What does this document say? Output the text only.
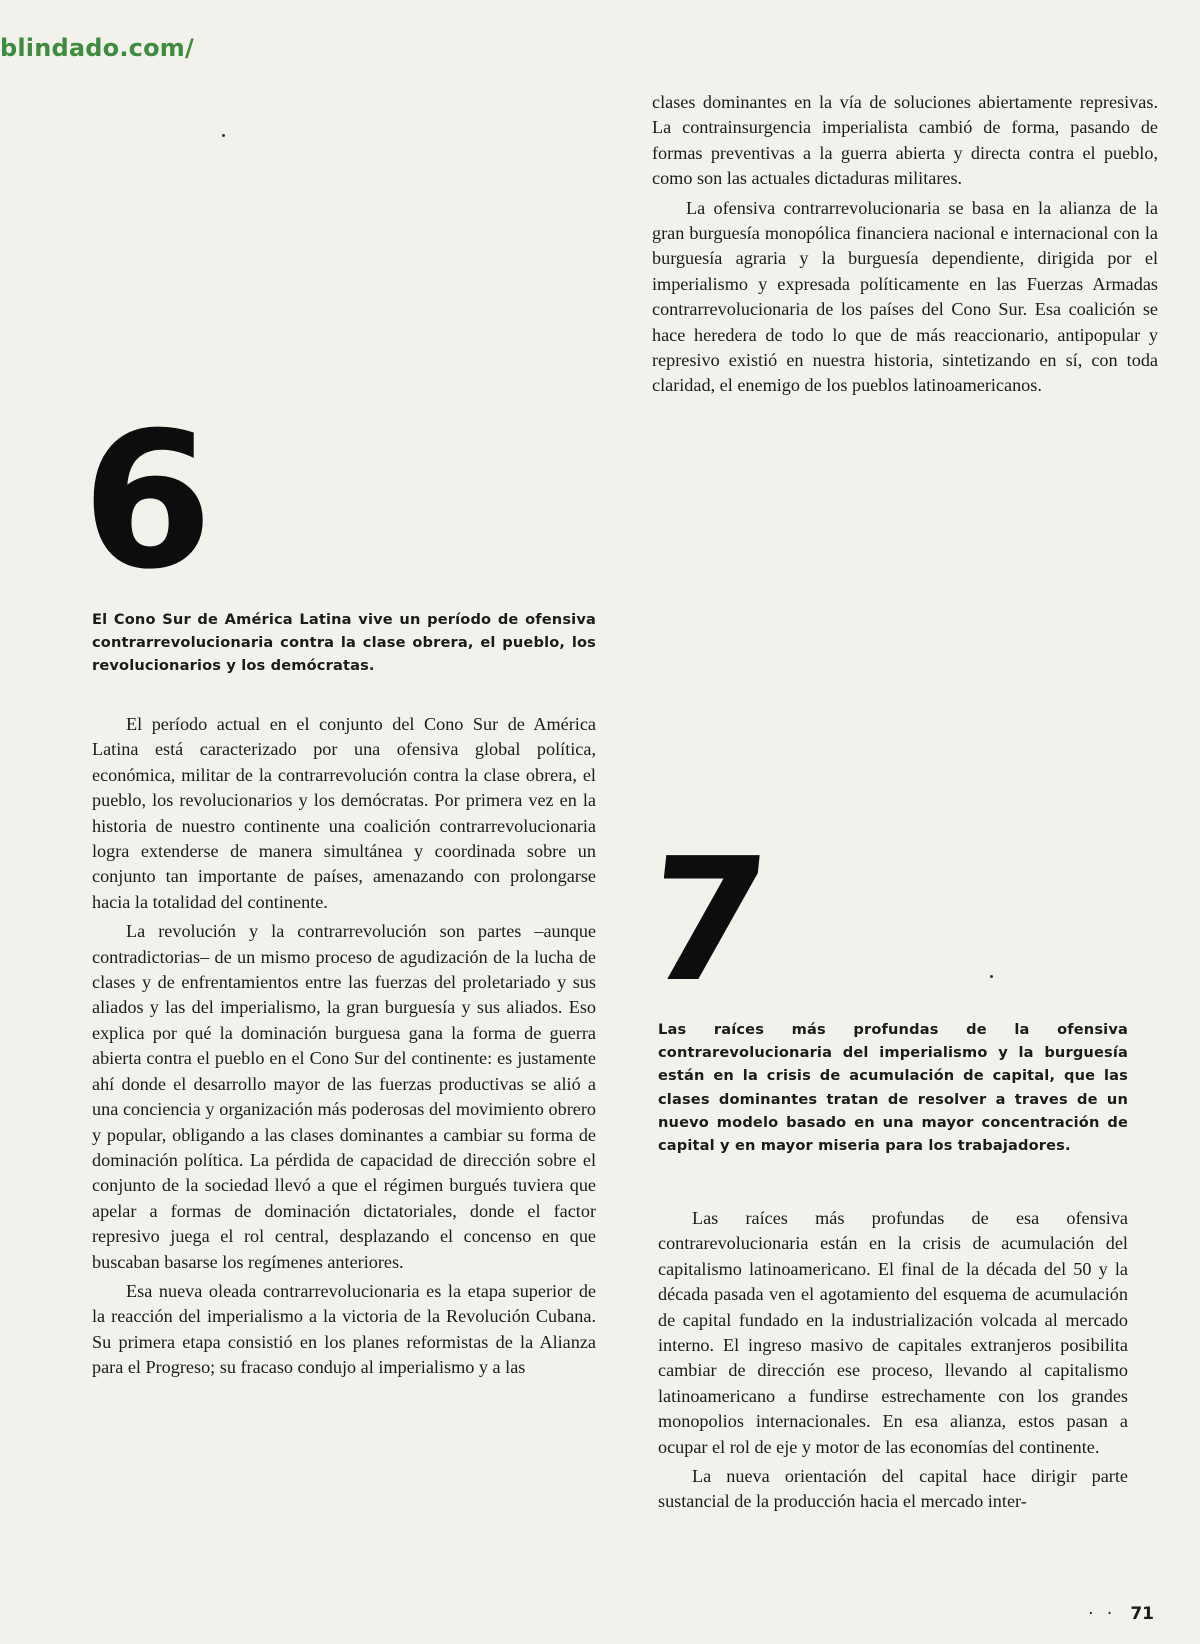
blindado.com/

clases dominantes en la vía de soluciones abiertamente represivas. La contrainsurgencia imperialista cambió de forma, pasando de formas preventivas a la guerra abierta y directa contra el pueblo, como son las actuales dictaduras militares.

La ofensiva contrarrevolucionaria se basa en la alianza de la gran burguesía monopólica financiera nacional e internacional con la burguesía agraria y la burguesía dependiente, dirigida por el imperialismo y expresada políticamente en las Fuerzas Armadas contrarrevolucionaria de los países del Cono Sur. Esa coalición se hace heredera de todo lo que de más reaccionario, antipopular y represivo existió en nuestra historia, sintetizando en sí, con toda claridad, el enemigo de los pueblos latinoamericanos.

6

El Cono Sur de América Latina vive un período de ofensiva contrarrevolucionaria contra la clase obrera, el pueblo, los revolucionarios y los demócratas.

El período actual en el conjunto del Cono Sur de América Latina está caracterizado por una ofensiva global política, económica, militar de la contrarrevolución contra la clase obrera, el pueblo, los revolucionarios y los demócratas. Por primera vez en la historia de nuestro continente una coalición contrarrevolucionaria logra extenderse de manera simultánea y coordinada sobre un conjunto tan importante de países, amenazando con prolongarse hacia la totalidad del continente.

La revolución y la contrarrevolución son partes –aunque contradictorias– de un mismo proceso de agudización de la lucha de clases y de enfrentamientos entre las fuerzas del proletariado y sus aliados y las del imperialismo, la gran burguesía y sus aliados. Eso explica por qué la dominación burguesa gana la forma de guerra abierta contra el pueblo en el Cono Sur del continente: es justamente ahí donde el desarrollo mayor de las fuerzas productivas se alió a una conciencia y organización más poderosas del movimiento obrero y popular, obligando a las clases dominantes a cambiar su forma de dominación política. La pérdida de capacidad de dirección sobre el conjunto de la sociedad llevó a que el régimen burgués tuviera que apelar a formas de dominación dictatoriales, donde el factor represivo juega el rol central, desplazando el concenso en que buscaban basarse los regímenes anteriores.

Esa nueva oleada contrarrevolucionaria es la etapa superior de la reacción del imperialismo a la victoria de la Revolución Cubana. Su primera etapa consistió en los planes reformistas de la Alianza para el Progreso; su fracaso condujo al imperialismo y a las

7

Las raíces más profundas de la ofensiva contrarevolucionaria del imperialismo y la burguesía están en la crisis de acumulación de capital, que las clases dominantes tratan de resolver a traves de un nuevo modelo basado en una mayor concentración de capital y en mayor miseria para los trabajadores.

Las raíces más profundas de esa ofensiva contrarevolucionaria están en la crisis de acumulación del capitalismo latinoamericano. El final de la década del 50 y la década pasada ven el agotamiento del esquema de acumulación de capital fundado en la industrialización volcada al mercado interno. El ingreso masivo de capitales extranjeros posibilita cambiar de dirección ese proceso, llevando al capitalismo latinoamericano a fundirse estrechamente con los grandes monopolios internacionales. En esa alianza, estos pasan a ocupar el rol de eje y motor de las economías del continente.

La nueva orientación del capital hace dirigir parte sustancial de la producción hacia el mercado inter-

· · 71
